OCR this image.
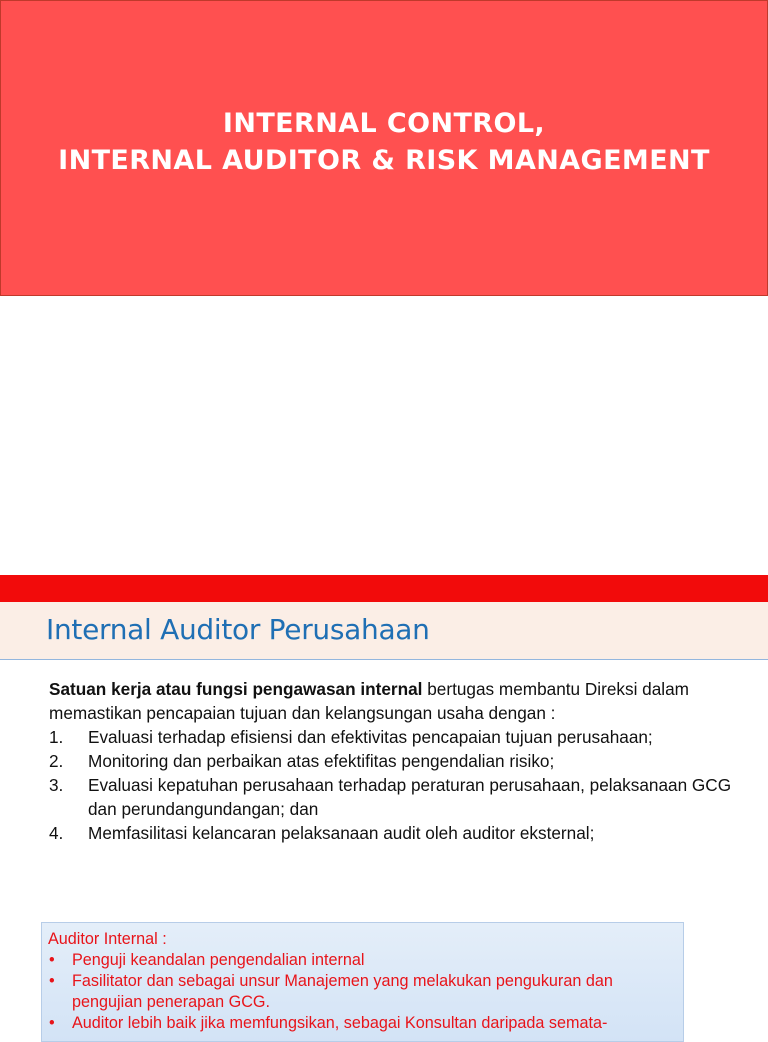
INTERNAL CONTROL,
INTERNAL AUDITOR & RISK MANAGEMENT
Internal Auditor Perusahaan

Satuan kerja atau fungsi pengawasan internal bertugas membantu Direksi dalam memastikan pencapaian tujuan dan kelangsungan usaha dengan :

1. Evaluasi terhadap efisiensi dan efektivitas pencapaian tujuan perusahaan;
2. Monitoring dan perbaikan atas efektifitas pengendalian risiko;
3. Evaluasi kepatuhan perusahaan terhadap peraturan perusahaan, pelaksanaan GCG dan perundangundangan; dan
4. Memfasilitasi kelancaran pelaksanaan audit oleh auditor eksternal;

Auditor Internal :

• Penguji keandalan pengendalian internal
• Fasilitator dan sebagai unsur Manajemen yang melakukan pengukuran dan pengujian penerapan GCG.
• Auditor lebih baik jika memfungsikan, sebagai Konsultan daripada semata-
